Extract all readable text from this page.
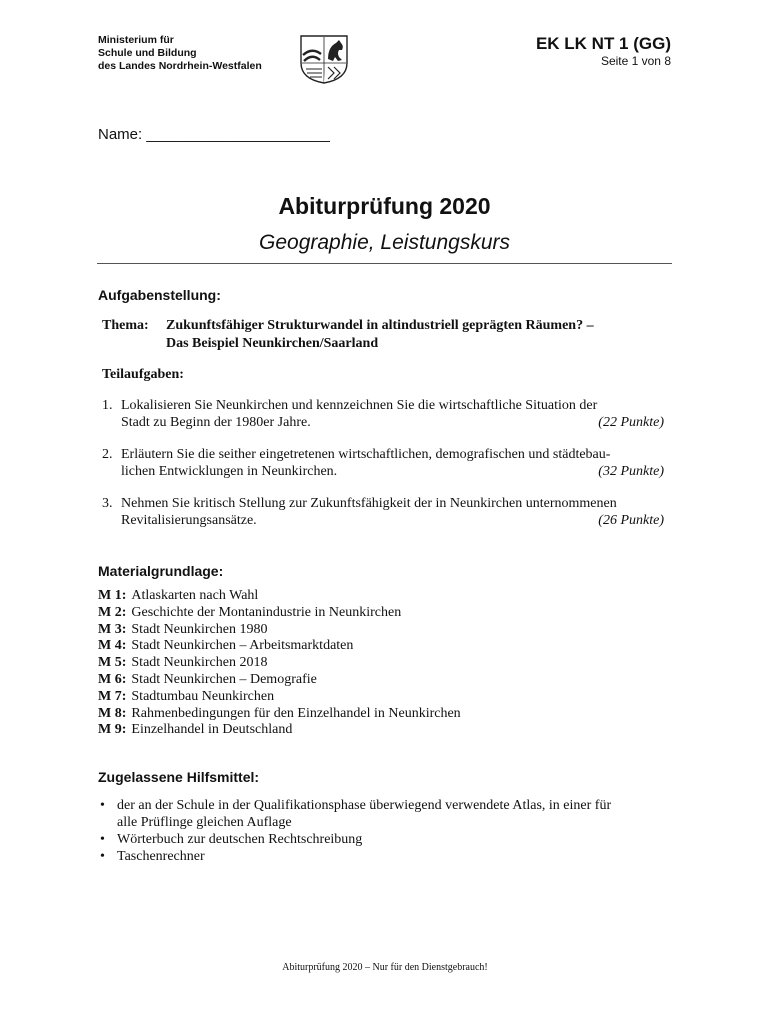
Ministerium für
Schule und Bildung
des Landes Nordrhein-Westfalen
EK LK NT 1 (GG)
Seite 1 von 8
Name: ______________________
Abiturprüfung 2020
Geographie, Leistungskurs
Aufgabenstellung:
Thema:	Zukunftsfähiger Strukturwandel in altindustriell geprägten Räumen? –
Das Beispiel Neunkirchen/Saarland
Teilaufgaben:
1. Lokalisieren Sie Neunkirchen und kennzeichnen Sie die wirtschaftliche Situation der
Stadt zu Beginn der 1980er Jahre.	(22 Punkte)
2. Erläutern Sie die seither eingetretenen wirtschaftlichen, demografischen und städtebau-
lichen Entwicklungen in Neunkirchen.	(32 Punkte)
3. Nehmen Sie kritisch Stellung zur Zukunftsfähigkeit der in Neunkirchen unternommenen
Revitalisierungsansätze.	(26 Punkte)
Materialgrundlage:
M 1: Atlaskarten nach Wahl
M 2: Geschichte der Montanindustrie in Neunkirchen
M 3: Stadt Neunkirchen 1980
M 4: Stadt Neunkirchen – Arbeitsmarktdaten
M 5: Stadt Neunkirchen 2018
M 6: Stadt Neunkirchen – Demografie
M 7: Stadtumbau Neunkirchen
M 8: Rahmenbedingungen für den Einzelhandel in Neunkirchen
M 9: Einzelhandel in Deutschland
Zugelassene Hilfsmittel:
• der an der Schule in der Qualifikationsphase überwiegend verwendete Atlas, in einer für
alle Prüflinge gleichen Auflage
• Wörterbuch zur deutschen Rechtschreibung
• Taschenrechner
Abiturprüfung 2020 – Nur für den Dienstgebrauch!
